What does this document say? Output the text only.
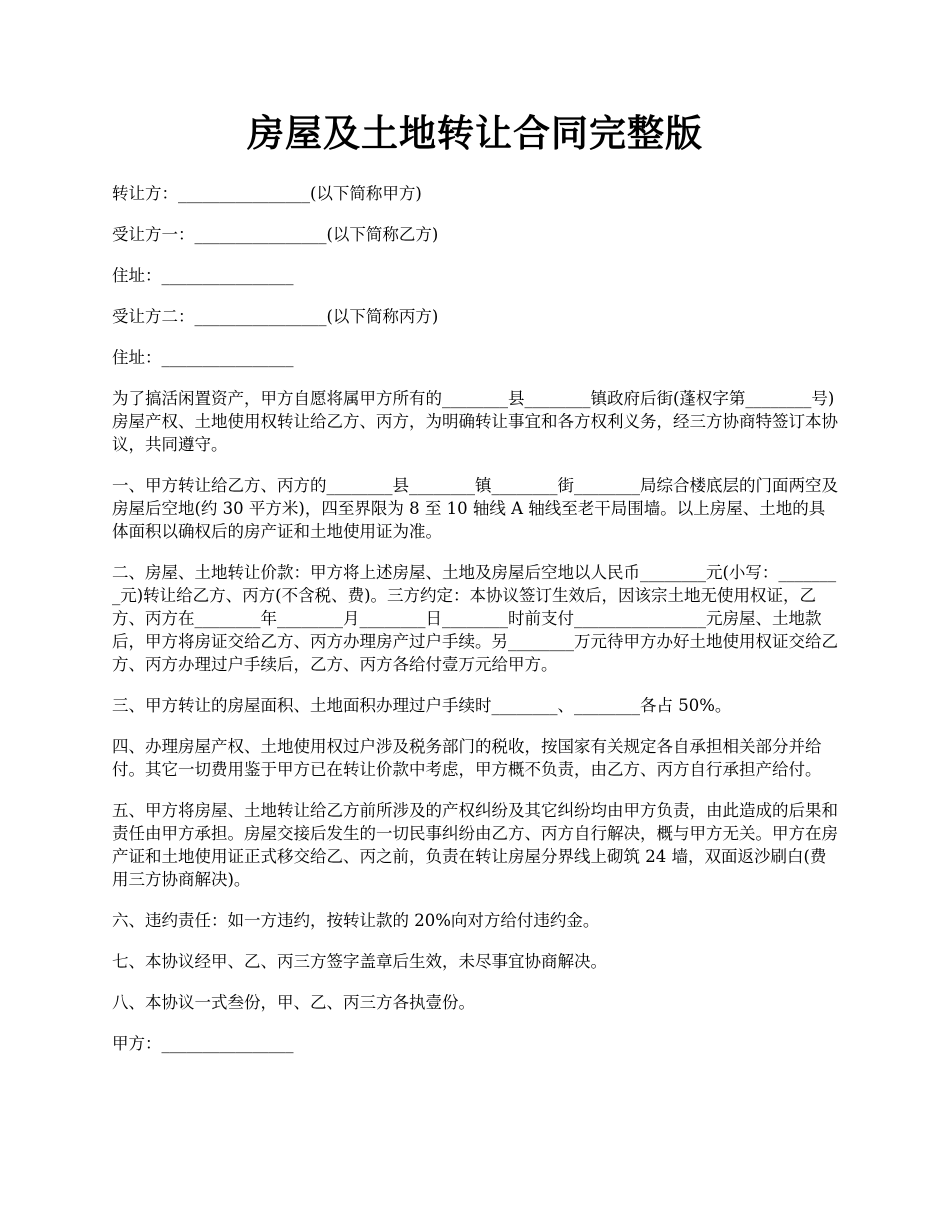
房屋及土地转让合同完整版

转让方：________________(以下简称甲方)

受让方一：________________(以下简称乙方)

住址：________________

受让方二：________________(以下简称丙方)

住址：________________

为了搞活闲置资产，甲方自愿将属甲方所有的________县________镇政府后街(蓬权字第________号)房屋产权、土地使用权转让给乙方、丙方，为明确转让事宜和各方权利义务，经三方协商特签订本协议，共同遵守。

一、甲方转让给乙方、丙方的________县________镇________街________局综合楼底层的门面两空及房屋后空地(约 30 平方米)，四至界限为 8 至 10 轴线 A 轴线至老干局围墙。以上房屋、土地的具体面积以确权后的房产证和土地使用证为准。

二、房屋、土地转让价款：甲方将上述房屋、土地及房屋后空地以人民币________元(小写：________元)转让给乙方、丙方(不含税、费)。三方约定：本协议签订生效后，因该宗土地无使用权证，乙方、丙方在________年________月________日________时前支付________________元房屋、土地款后，甲方将房证交给乙方、丙方办理房产过户手续。另________万元待甲方办好土地使用权证交给乙方、丙方办理过户手续后，乙方、丙方各给付壹万元给甲方。

三、甲方转让的房屋面积、土地面积办理过户手续时________、________各占 50%。

四、办理房屋产权、土地使用权过户涉及税务部门的税收，按国家有关规定各自承担相关部分并给付。其它一切费用鉴于甲方已在转让价款中考虑，甲方概不负责，由乙方、丙方自行承担产给付。

五、甲方将房屋、土地转让给乙方前所涉及的产权纠纷及其它纠纷均由甲方负责，由此造成的后果和责任由甲方承担。房屋交接后发生的一切民事纠纷由乙方、丙方自行解决，概与甲方无关。甲方在房产证和土地使用证正式移交给乙、丙之前，负责在转让房屋分界线上砌筑 24 墙，双面返沙刷白(费用三方协商解决)。

六、违约责任：如一方违约，按转让款的 20%向对方给付违约金。

七、本协议经甲、乙、丙三方签字盖章后生效，未尽事宜协商解决。

八、本协议一式叁份，甲、乙、丙三方各执壹份。

甲方：________________
